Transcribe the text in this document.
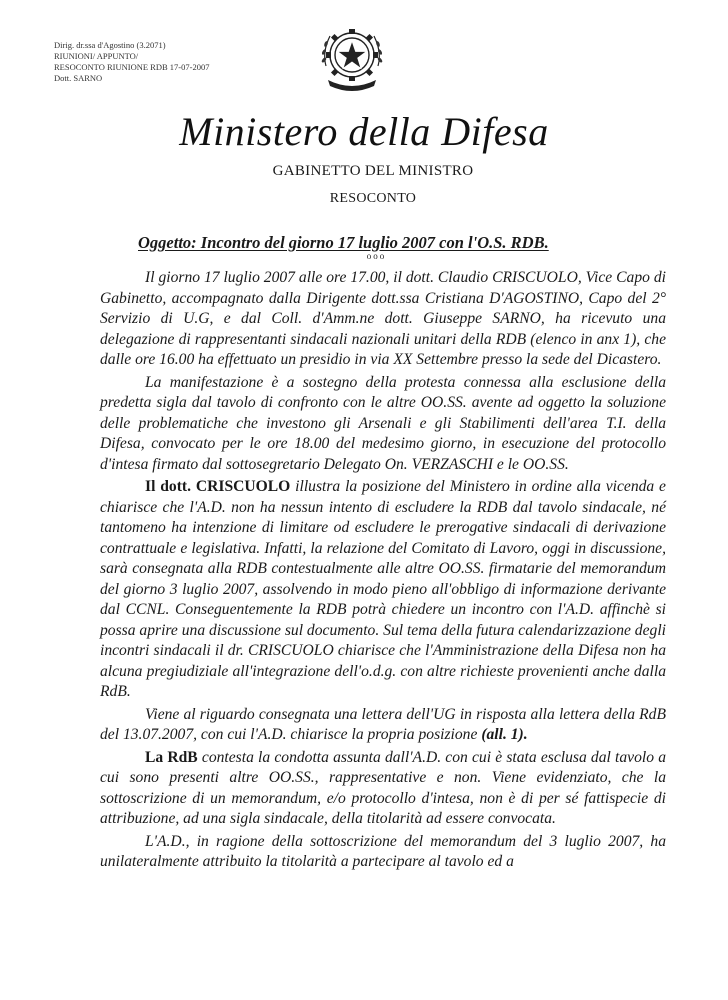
Dirig. dr.ssa d'Agostino (3.2071)
RIUNIONI/ APPUNTO/
RESOCONTO RIUNIONE RDB 17-07-2007
Dott. SARNO
Ministero della Difesa
GABINETTO DEL MINISTRO
RESOCONTO
Oggetto: Incontro del giorno 17 luglio 2007 con l'O.S. RDB.
ooo

Il giorno 17 luglio 2007 alle ore 17.00, il dott. Claudio CRISCUOLO, Vice Capo di Gabinetto, accompagnato dalla Dirigente dott.ssa Cristiana D'AGOSTINO, Capo del 2° Servizio di U.G, e dal Coll. d'Amm.ne dott. Giuseppe SARNO, ha ricevuto una delegazione di rappresentanti sindacali nazionali unitari della RDB (elenco in anx 1), che dalle ore 16.00 ha effettuato un presidio in via XX Settembre presso la sede del Dicastero.

La manifestazione è a sostegno della protesta connessa alla esclusione della predetta sigla dal tavolo di confronto con le altre OO.SS. avente ad oggetto la soluzione delle problematiche che investono gli Arsenali e gli Stabilimenti dell'area T.I. della Difesa, convocato per le ore 18.00 del medesimo giorno, in esecuzione del protocollo d'intesa firmato dal sottosegretario Delegato On. VERZASCHI e le OO.SS.

Il dott. CRISCUOLO illustra la posizione del Ministero in ordine alla vicenda e chiarisce che l'A.D. non ha nessun intento di escludere la RDB dal tavolo sindacale, né tantomeno ha intenzione di limitare od escludere le prerogative sindacali di derivazione contrattuale e legislativa. Infatti, la relazione del Comitato di Lavoro, oggi in discussione, sarà consegnata alla RDB contestualmente alle altre OO.SS. firmatarie del memorandum del giorno 3 luglio 2007, assolvendo in modo pieno all'obbligo di informazione derivante dal CCNL. Conseguentemente la RDB potrà chiedere un incontro con l'A.D. affinchè si possa aprire una discussione sul documento. Sul tema della futura calendarizzazione degli incontri sindacali il dr. CRISCUOLO chiarisce che l'Amministrazione della Difesa non ha alcuna pregiudiziale all'integrazione dell'o.d.g. con altre richieste provenienti anche dalla RdB.

Viene al riguardo consegnata una lettera dell'UG in risposta alla lettera della RdB del 13.07.2007, con cui l'A.D. chiarisce la propria posizione (all. 1).

La RdB contesta la condotta assunta dall'A.D. con cui è stata esclusa dal tavolo a cui sono presenti altre OO.SS., rappresentative e non. Viene evidenziato, che la sottoscrizione di un memorandum, e/o protocollo d'intesa, non è di per sé fattispecie di attribuzione, ad una sigla sindacale, della titolarità ad essere convocata.

L'A.D., in ragione della sottoscrizione del memorandum del 3 luglio 2007, ha unilateralmente attribuito la titolarità a partecipare al tavolo ed a
